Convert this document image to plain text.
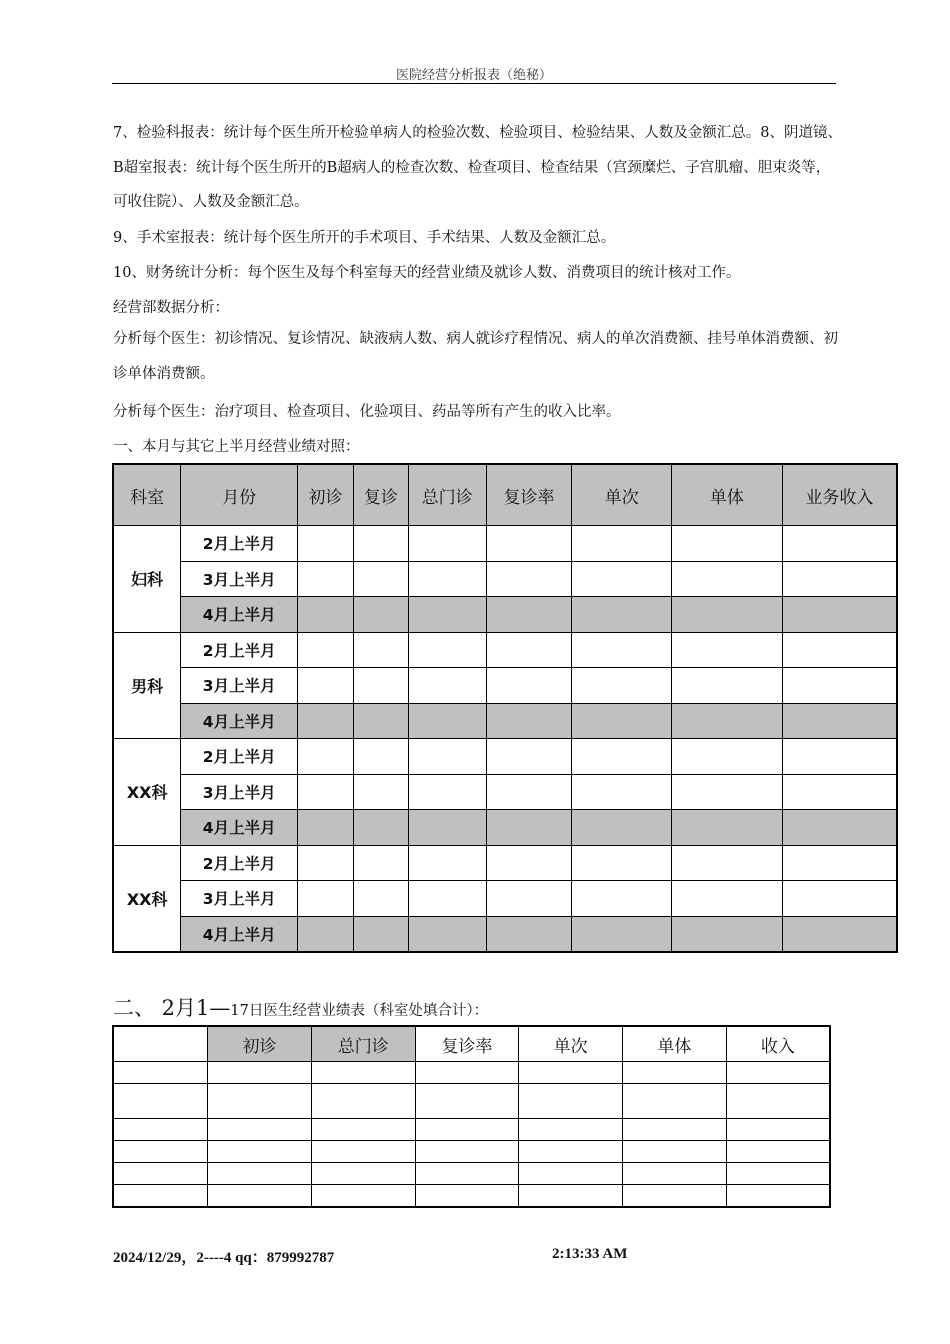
医院经营分析报表（绝秘）
7、检验科报表：统计每个医生所开检验单病人的检验次数、检验项目、检验结果、人数及金额汇总。8、阴道镜、B超室报表：统计每个医生所开的B超病人的检查次数、检查项目、检查结果（宫颈糜烂、子宫肌瘤、胆束炎等，可收住院）、人数及金额汇总。
9、手术室报表：统计每个医生所开的手术项目、手术结果、人数及金额汇总。
10、财务统计分析：每个医生及每个科室每天的经营业绩及就诊人数、消费项目的统计核对工作。
经营部数据分析：
分析每个医生：初诊情况、复诊情况、缺液病人数、病人就诊疗程情况、病人的单次消费额、挂号单体消费额、初诊单体消费额。
分析每个医生：治疗项目、检查项目、化验项目、药品等所有产生的收入比率。
一、本月与其它上半月经营业绩对照：
科室	月份	初诊	复诊	总门诊	复诊率	单次	单体	业务收入
妇科	2月上半月							
	3月上半月							
	4月上半月							
男科	2月上半月							
	3月上半月							
	4月上半月							
XX科	2月上半月							
	3月上半月							
	4月上半月							
XX科	2月上半月							
	3月上半月							
	4月上半月							
二、 2月1—17日医生经营业绩表（科室处填合计）：
	初诊	总门诊	复诊率	单次	单体	收入

2024/12/29，2----4 qq：879992787	2:13:33 AM
